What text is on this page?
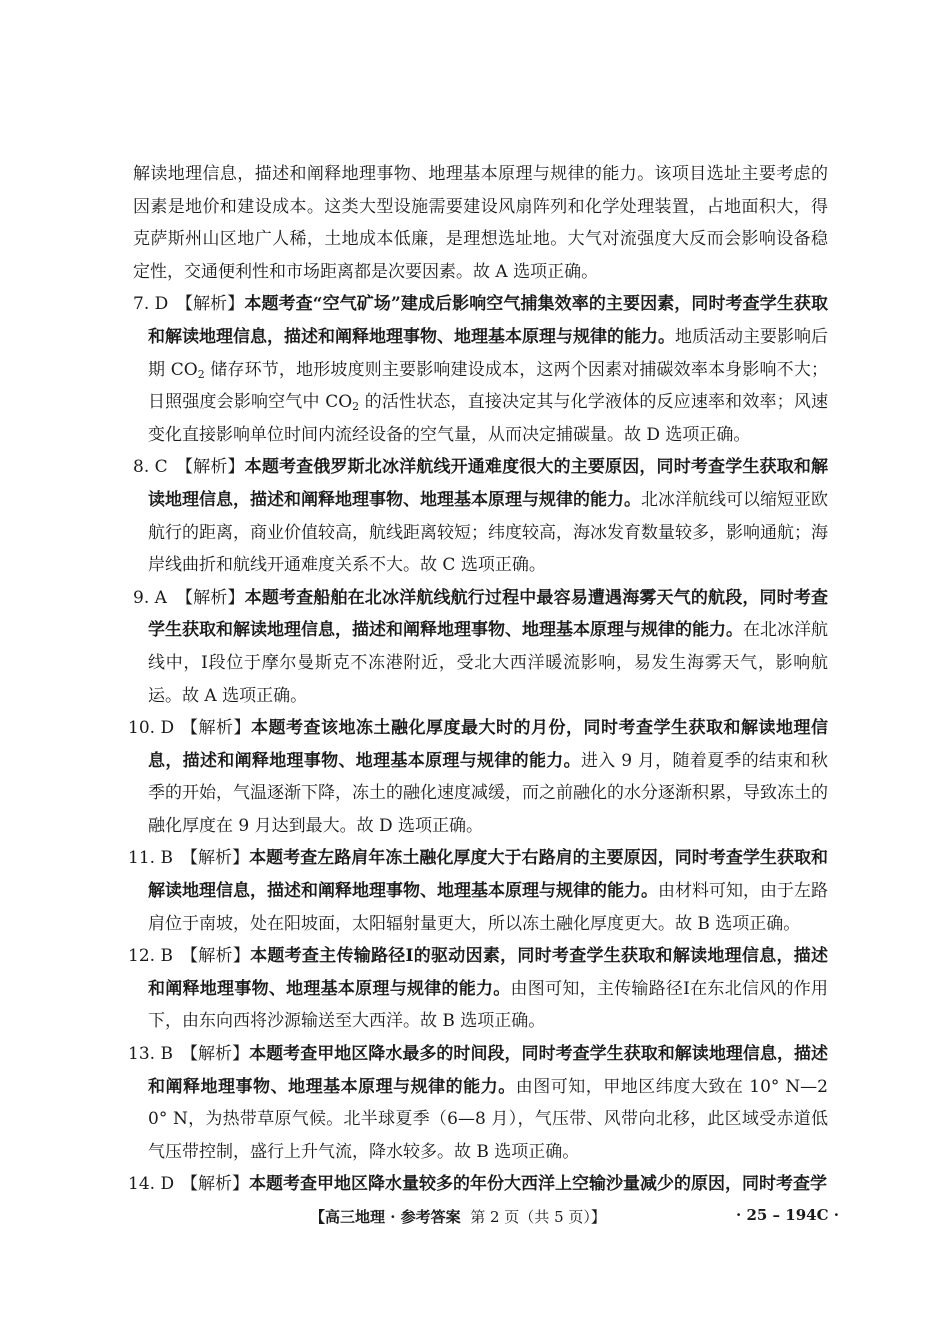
解读地理信息，描述和阐释地理事物、地理基本原理与规律的能力。该项目选址主要考虑的因素是地价和建设成本。这类大型设施需要建设风扇阵列和化学处理装置，占地面积大，得克萨斯州山区地广人稀，土地成本低廉，是理想选址地。大气对流强度大反而会影响设备稳定性，交通便利性和市场距离都是次要因素。故 A 选项正确。

7. D 【解析】本题考查“空气矿场”建成后影响空气捕集效率的主要因素，同时考查学生获取和解读地理信息，描述和阐释地理事物、地理基本原理与规律的能力。地质活动主要影响后期 $CO_2$ 储存环节，地形坡度则主要影响建设成本，这两个因素对捕碳效率本身影响不大；日照强度会影响空气中 $CO_2$ 的活性状态，直接决定其与化学液体的反应速率和效率；风速变化直接影响单位时间内流经设备的空气量，从而决定捕碳量。故 D 选项正确。

8. C 【解析】本题考查俄罗斯北冰洋航线开通难度很大的主要原因，同时考查学生获取和解读地理信息，描述和阐释地理事物、地理基本原理与规律的能力。北冰洋航线可以缩短亚欧航行的距离，商业价值较高，航线距离较短；纬度较高，海冰发育数量较多，影响通航；海岸线曲折和航线开通难度关系不大。故 C 选项正确。

9. A 【解析】本题考查船舶在北冰洋航线航行过程中最容易遭遇海雾天气的航段，同时考查学生获取和解读地理信息，描述和阐释地理事物、地理基本原理与规律的能力。在北冰洋航线中，Ⅰ段位于摩尔曼斯克不冻港附近，受北大西洋暖流影响，易发生海雾天气，影响航运。故 A 选项正确。

10. D 【解析】本题考查该地冻土融化厚度最大时的月份，同时考查学生获取和解读地理信息，描述和阐释地理事物、地理基本原理与规律的能力。进入 9 月，随着夏季的结束和秋季的开始，气温逐渐下降，冻土的融化速度减缓，而之前融化的水分逐渐积累，导致冻土的融化厚度在 9 月达到最大。故 D 选项正确。

11. B 【解析】本题考查左路肩年冻土融化厚度大于右路肩的主要原因，同时考查学生获取和解读地理信息，描述和阐释地理事物、地理基本原理与规律的能力。由材料可知，由于左路肩位于南坡，处在阳坡面，太阳辐射量更大，所以冻土融化厚度更大。故 B 选项正确。

12. B 【解析】本题考查主传输路径Ⅰ的驱动因素，同时考查学生获取和解读地理信息，描述和阐释地理事物、地理基本原理与规律的能力。由图可知，主传输路径Ⅰ在东北信风的作用下，由东向西将沙源输送至大西洋。故 B 选项正确。

13. B 【解析】本题考查甲地区降水最多的时间段，同时考查学生获取和解读地理信息，描述和阐释地理事物、地理基本原理与规律的能力。由图可知，甲地区纬度大致在 10° N—20° N，为热带草原气候。北半球夏季（6—8 月），气压带、风带向北移，此区域受赤道低气压带控制，盛行上升气流，降水较多。故 B 选项正确。

14. D 【解析】本题考查甲地区降水量较多的年份大西洋上空输沙量减少的原因，同时考查学

【高三地理 · 参考答案 第 2 页（共 5 页）】	· 25 – 194C ·
